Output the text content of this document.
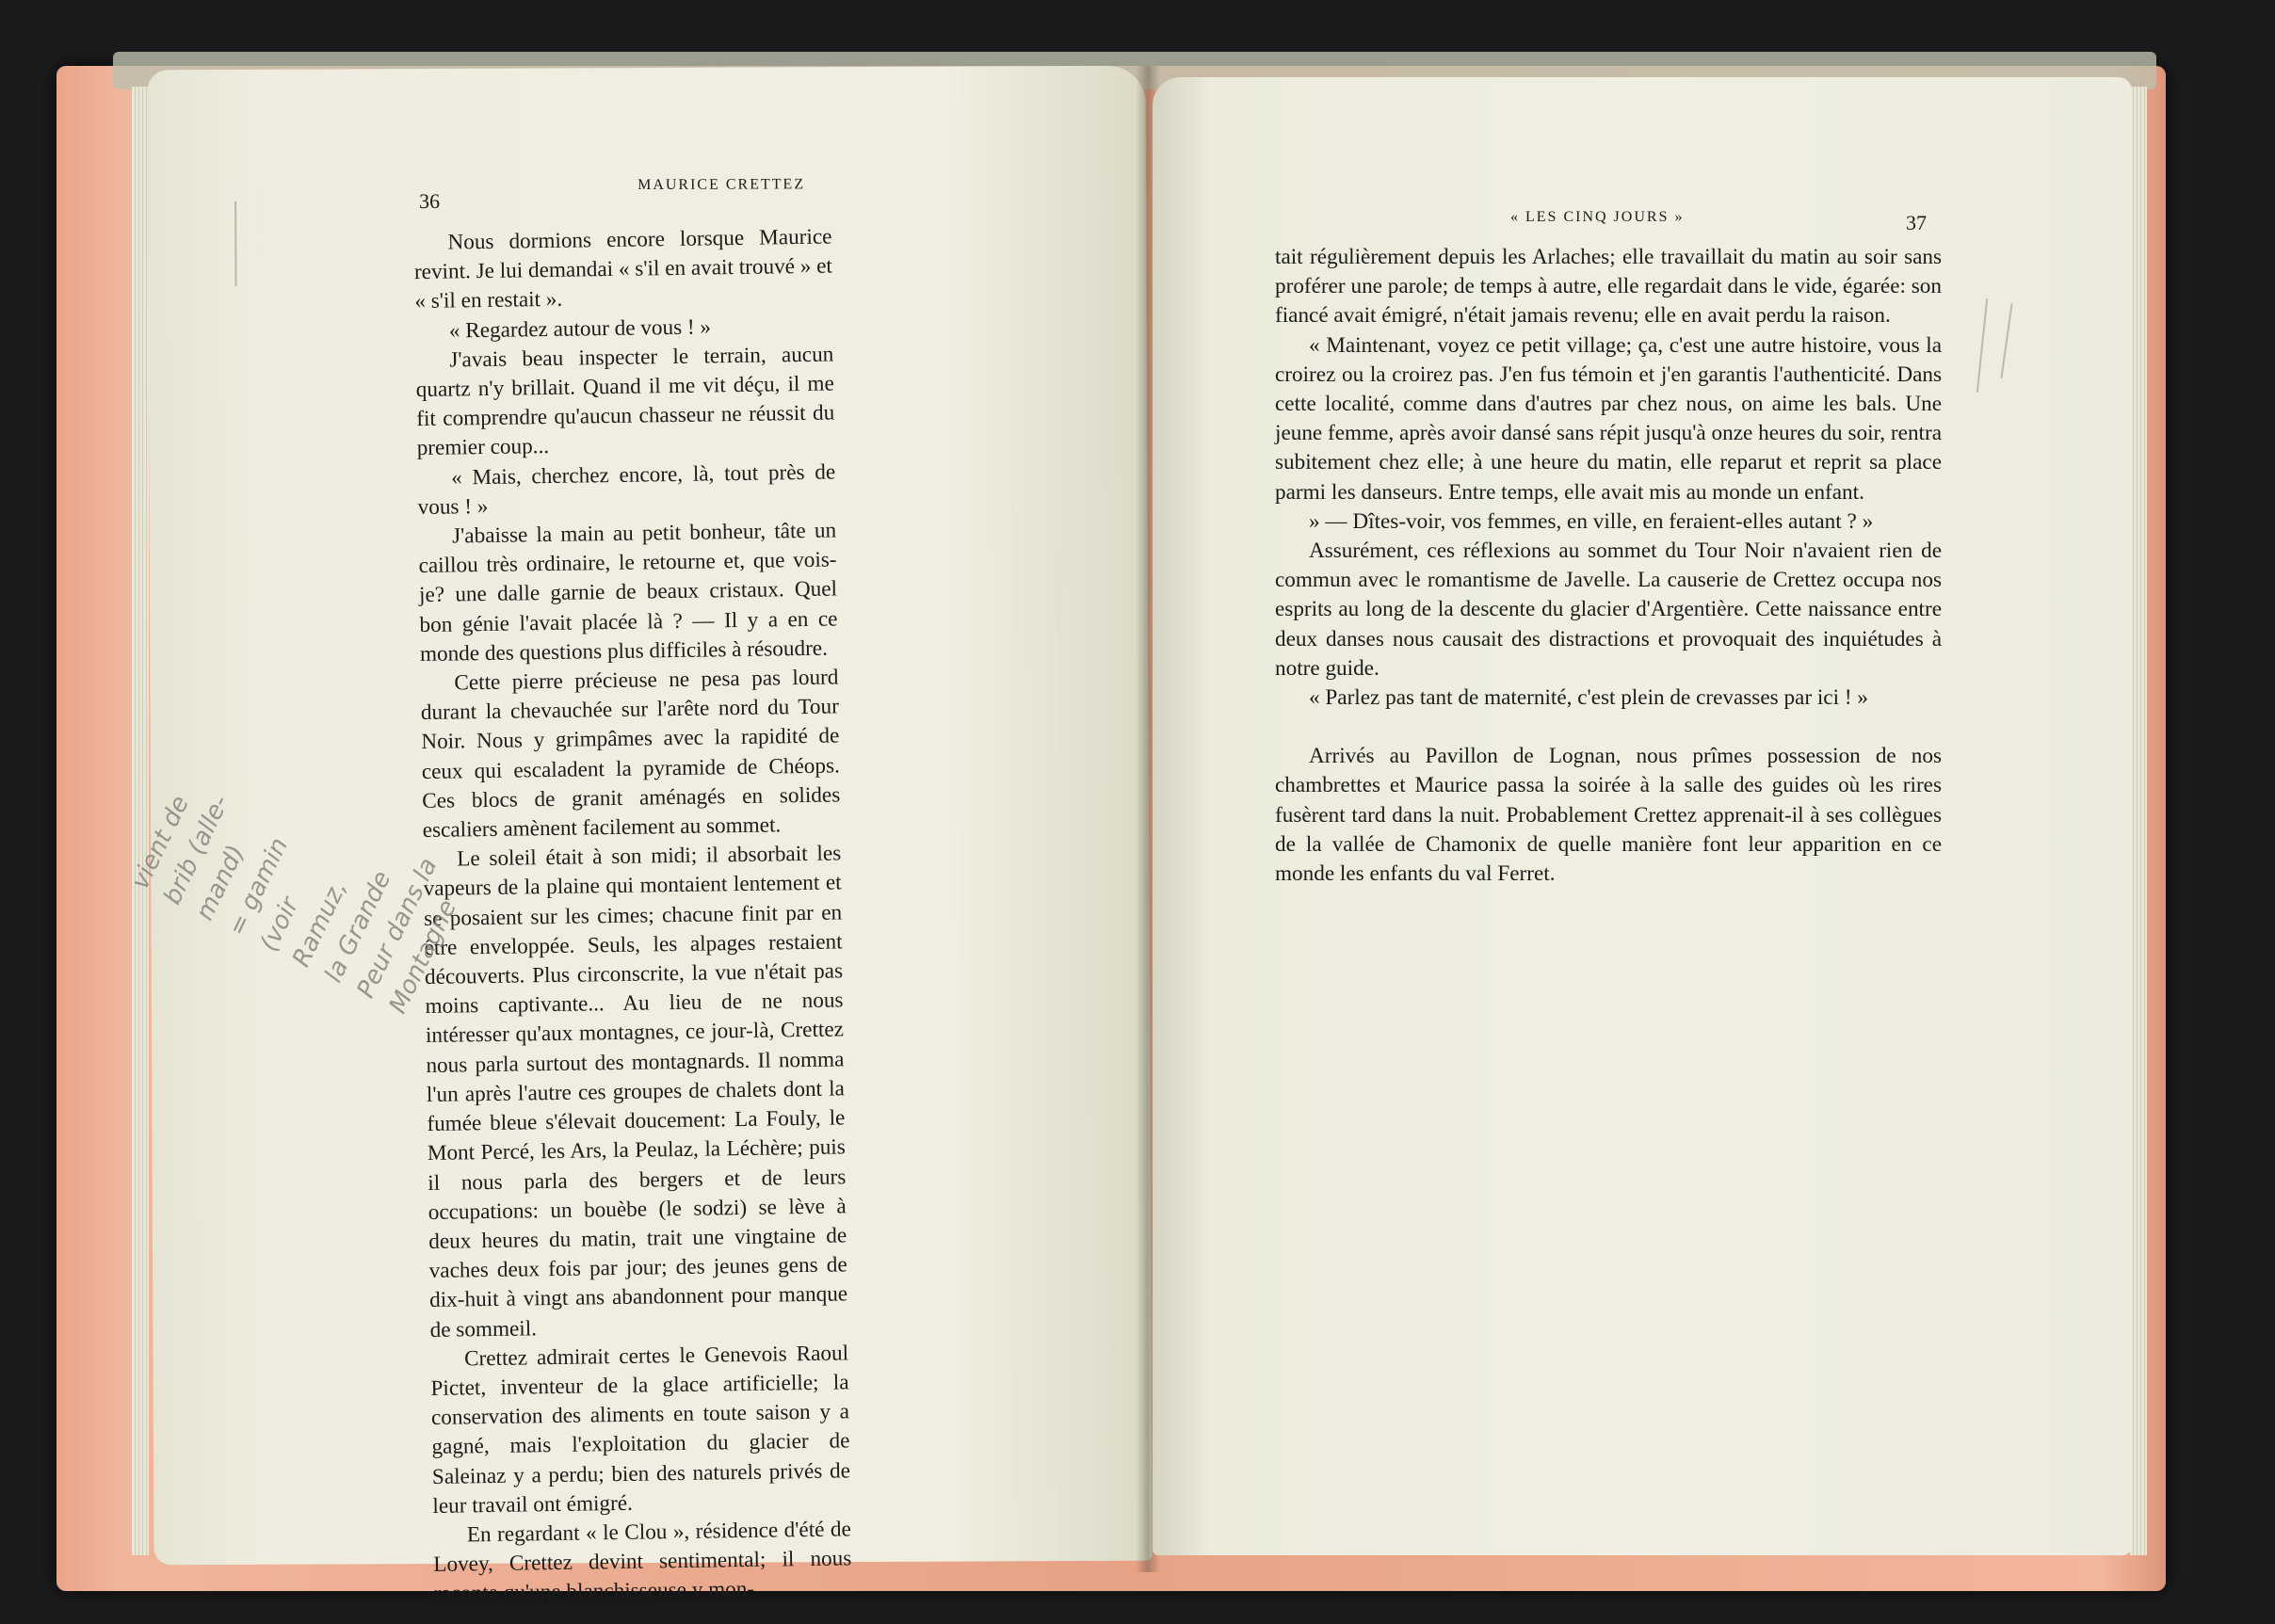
36
MAURICE CRETTEZ

Nous dormions encore lorsque Maurice revint. Je lui demandai « s'il en avait trouvé » et « s'il en restait ».

« Regardez autour de vous ! »

J'avais beau inspecter le terrain, aucun quartz n'y brillait. Quand il me vit déçu, il me fit comprendre qu'aucun chasseur ne réussit du premier coup...

« Mais, cherchez encore, là, tout près de vous ! »

J'abaisse la main au petit bonheur, tâte un caillou très ordinaire, le retourne et, que vois-je? une dalle garnie de beaux cristaux. Quel bon génie l'avait placée là ? — Il y a en ce monde des questions plus difficiles à résoudre.

Cette pierre précieuse ne pesa pas lourd durant la chevauchée sur l'arête nord du Tour Noir. Nous y grimpâmes avec la rapidité de ceux qui escaladent la pyramide de Chéops. Ces blocs de granit aménagés en solides escaliers amènent facilement au sommet.

Le soleil était à son midi; il absorbait les vapeurs de la plaine qui montaient lentement et se posaient sur les cimes; chacune finit par en être enveloppée. Seuls, les alpages restaient découverts. Plus circonscrite, la vue n'était pas moins captivante... Au lieu de ne nous intéresser qu'aux montagnes, ce jour-là, Crettez nous parla surtout des montagnards. Il nomma l'un après l'autre ces groupes de chalets dont la fumée bleue s'élevait doucement: La Fouly, le Mont Percé, les Ars, la Peulaz, la Léchère; puis il nous parla des bergers et de leurs occupations: un bouèbe (le sodzi) se lève à deux heures du matin, trait une vingtaine de vaches deux fois par jour; des jeunes gens de dix-huit à vingt ans abandonnent pour manque de sommeil.

Crettez admirait certes le Genevois Raoul Pictet, inventeur de la glace artificielle; la conservation des aliments en toute saison y a gagné, mais l'exploitation du glacier de Saleinaz y a perdu; bien des naturels privés de leur travail ont émigré.

En regardant « le Clou », résidence d'été de Lovey, Crettez devint sentimental; il nous raconta qu'une blanchisseuse y mon-

vient de
brib (alle-
mand)
= gamin
(voir
Ramuz,
la Grande
Peur dans la
Montagne
« LES CINQ JOURS »	37

tait régulièrement depuis les Arlaches; elle travaillait du matin au soir sans proférer une parole; de temps à autre, elle regardait dans le vide, égarée: son fiancé avait émigré, n'était jamais revenu; elle en avait perdu la raison.

« Maintenant, voyez ce petit village; ça, c'est une autre histoire, vous la croirez ou la croirez pas. J'en fus témoin et j'en garantis l'authenticité. Dans cette localité, comme dans d'autres par chez nous, on aime les bals. Une jeune femme, après avoir dansé sans répit jusqu'à onze heures du soir, rentra subitement chez elle; à une heure du matin, elle reparut et reprit sa place parmi les danseurs. Entre temps, elle avait mis au monde un enfant.

» — Dîtes-voir, vos femmes, en ville, en feraient-elles autant ? »

Assurément, ces réflexions au sommet du Tour Noir n'avaient rien de commun avec le romantisme de Javelle. La causerie de Crettez occupa nos esprits au long de la descente du glacier d'Argentière. Cette naissance entre deux danses nous causait des distractions et provoquait des inquiétudes à notre guide.

« Parlez pas tant de maternité, c'est plein de crevasses par ici ! »

Arrivés au Pavillon de Lognan, nous prîmes possession de nos chambrettes et Maurice passa la soirée à la salle des guides où les rires fusèrent tard dans la nuit. Probablement Crettez apprenait-il à ses collègues de la vallée de Chamonix de quelle manière font leur apparition en ce monde les enfants du val Ferret.
